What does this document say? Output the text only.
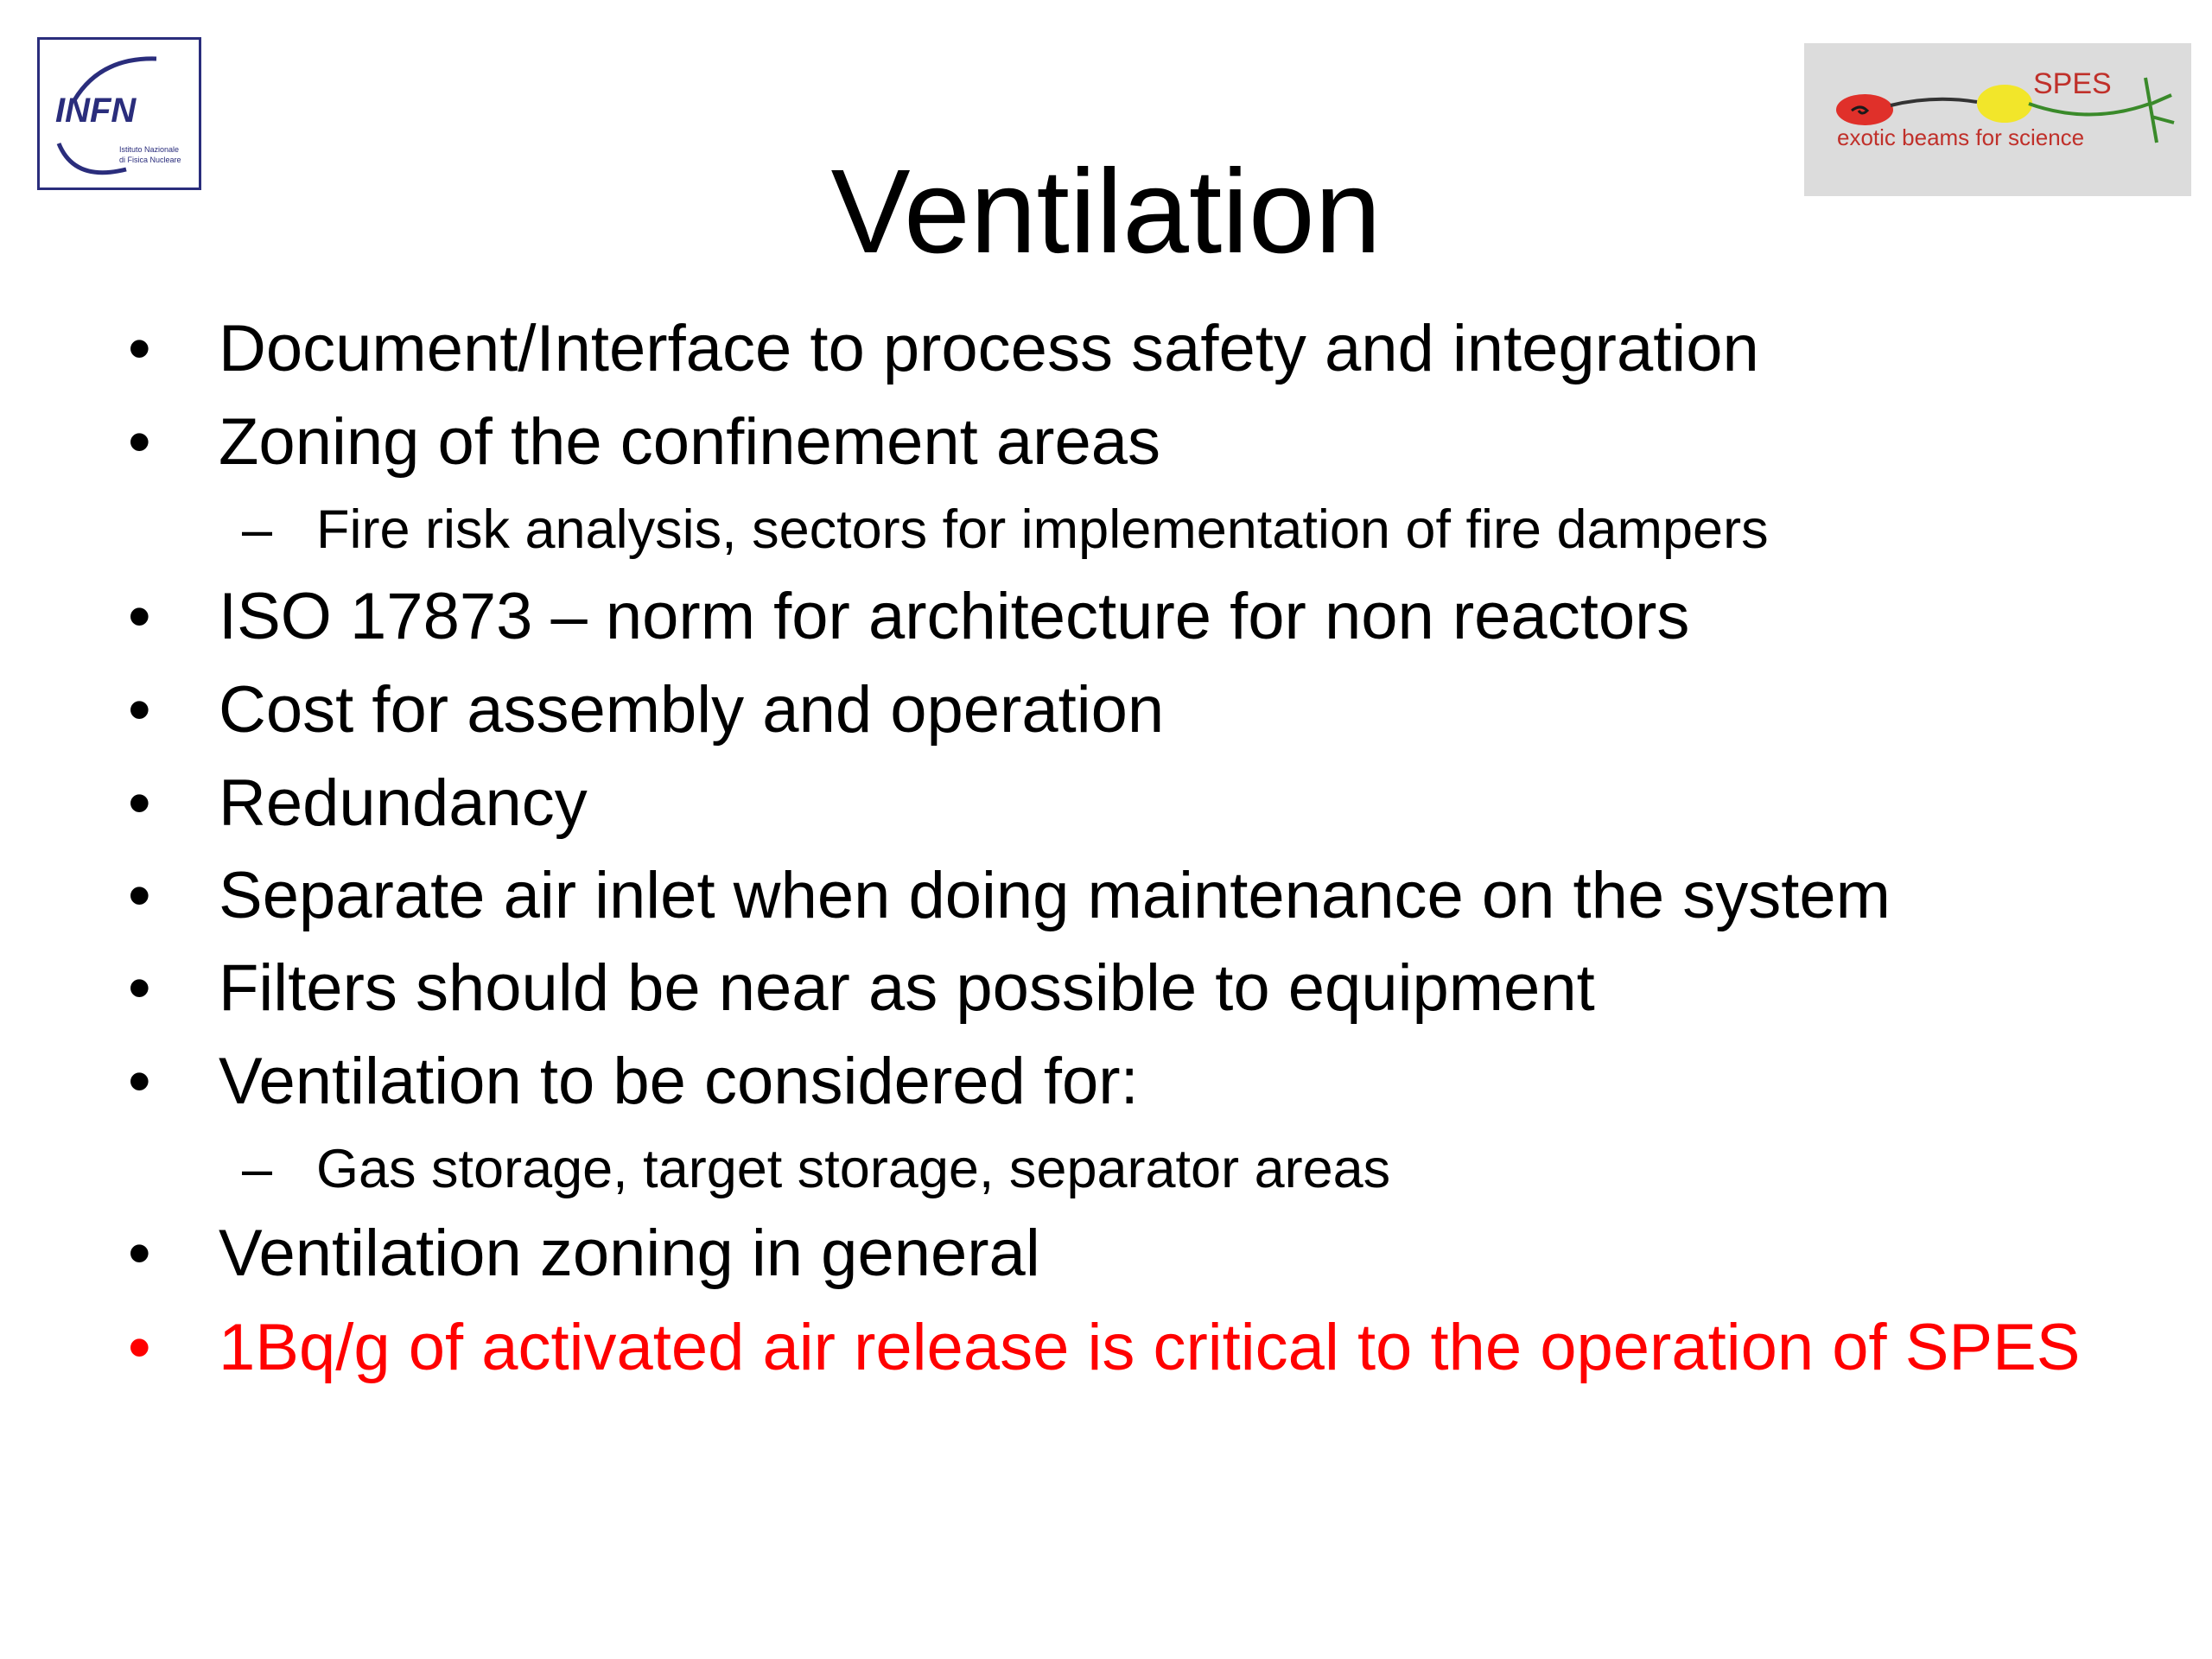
INFN
Istituto Nazionale
di Fisica Nucleare
SPES
exotic beams for science
Ventilation
• Document/Interface to process safety and integration
• Zoning of the confinement areas
– Fire risk analysis, sectors for implementation of fire dampers
• ISO 17873 – norm for architecture for non reactors
• Cost for assembly and operation
• Redundancy
• Separate air inlet when doing maintenance on the system
• Filters should be near as possible to equipment
• Ventilation to be considered for:
– Gas storage, target storage, separator areas
• Ventilation zoning in general
• 1Bq/g of activated air release is critical to the operation of SPES
